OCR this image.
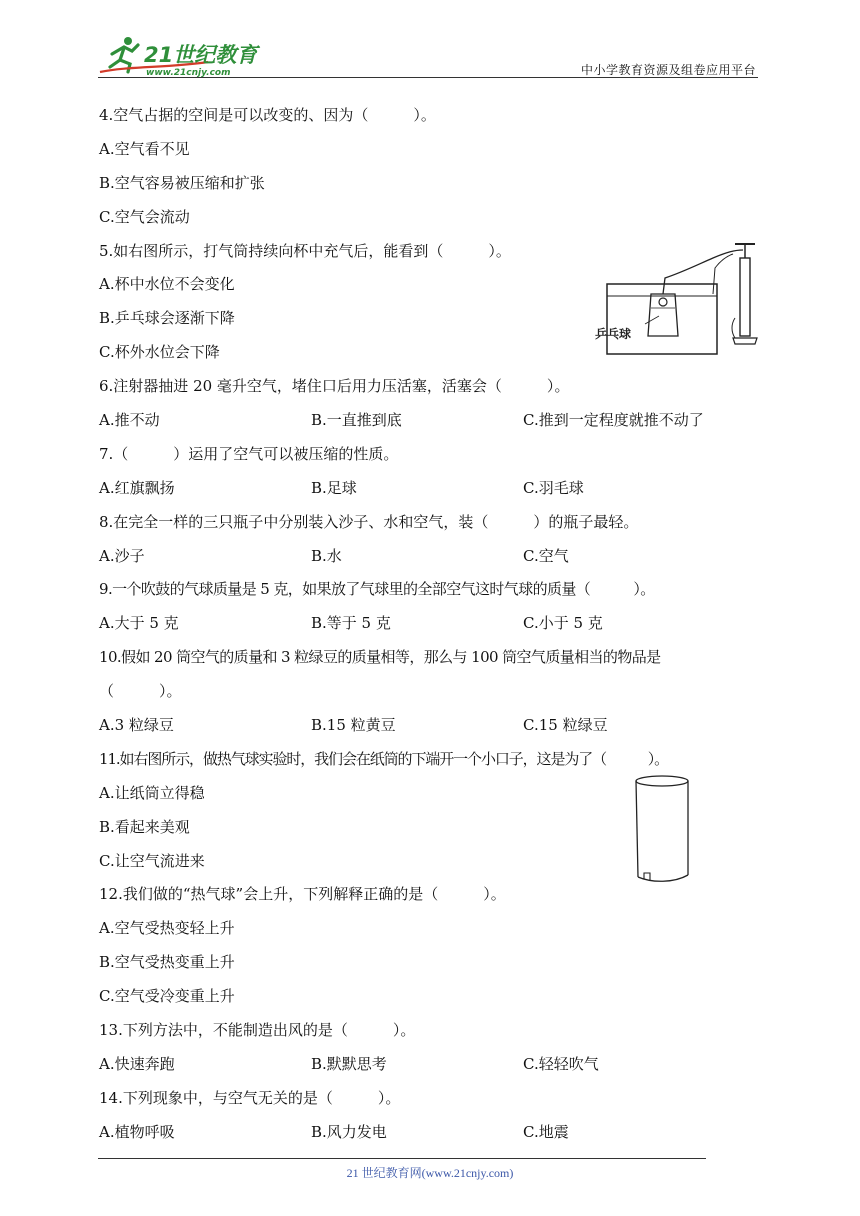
21世纪教育
www.21cnjy.com	中小学教育资源及组卷应用平台
4.空气占据的空间是可以改变的、因为（　　　）。
A.空气看不见
B.空气容易被压缩和扩张
C.空气会流动
5.如右图所示，打气筒持续向杯中充气后，能看到（　　　）。
A.杯中水位不会变化
B.乒乓球会逐渐下降
C.杯外水位会下降
6.注射器抽进 20 毫升空气，堵住口后用力压活塞，活塞会（　　　）。
A.推不动	B.一直推到底	C.推到一定程度就推不动了
7.（　　　）运用了空气可以被压缩的性质。
A.红旗飘扬	B.足球	C.羽毛球
8.在完全一样的三只瓶子中分别装入沙子、水和空气，装（　　　）的瓶子最轻。
A.沙子	B.水	C.空气
9.一个吹鼓的气球质量是 5 克，如果放了气球里的全部空气这时气球的质量（　　　）。
A.大于 5 克	B.等于 5 克	C.小于 5 克
10.假如 20 筒空气的质量和 3 粒绿豆的质量相等，那么与 100 筒空气质量相当的物品是
（　　　）。
A.3 粒绿豆	B.15 粒黄豆	C.15 粒绿豆
11.如右图所示，做热气球实验时，我们会在纸筒的下端开一个小口子，这是为了（　　　）。
A.让纸筒立得稳
B.看起来美观
C.让空气流进来
12.我们做的“热气球”会上升，下列解释正确的是（　　　）。
A.空气受热变轻上升
B.空气受热变重上升
C.空气受冷变重上升
13.下列方法中，不能制造出风的是（　　　）。
A.快速奔跑	B.默默思考	C.轻轻吹气
14.下列现象中，与空气无关的是（　　　）。
A.植物呼吸	B.风力发电	C.地震
乒乓球
21 世纪教育网(www.21cnjy.com)
